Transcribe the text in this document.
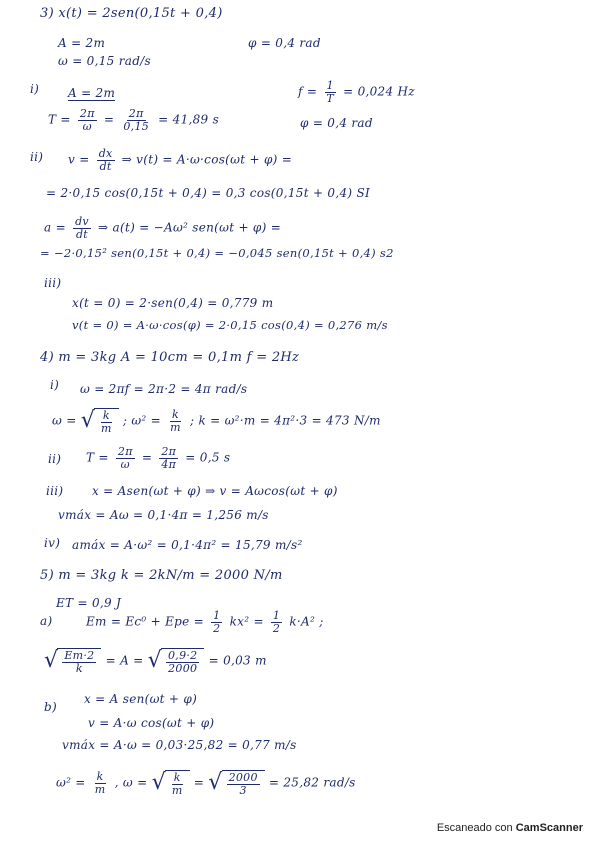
3) x(t) = 2sen(0,15t + 0,4)
A = 2m	φ = 0,4 rad
ω = 0,15 rad/s
i) A = 2m	$f = \frac{1}{T} = 0,024$ Hz
$T = \frac{2\pi}{\omega} = \frac{2\pi}{0,15} = 41,89$ s	φ = 0,4 rad
ii) $v = \frac{dx}{dt}$ ⇒ v(t) = A·ω·cos(ωt + φ) =
= 2·0,15 cos(0,15t + 0,4) = 0,3 cos(0,15t + 0,4) SI
$a = \frac{dv}{dt}$ ⇒ a(t) = −Aω² sen(ωt + φ) =
= −2·0,15² sen(0,15t + 0,4) = −0,045 sen(0,15t + 0,4) s2
iii)
x(t = 0) = 2·sen(0,4) = 0,779 m
v(t = 0) = A·ω·cos(φ) = 2·0,15 cos(0,4) = 0,276 m/s
4) m = 3kg A = 10cm = 0,1m f = 2Hz
i) ω = 2πf = 2π·2 = 4π rad/s
ω = √ $\frac{k}{m}$ ; $\omega^2 = \frac{k}{m}$ ; k = ω²·m = 4π²·3 = 473 N/m
ii) $T = \frac{2\pi}{\omega} = \frac{2\pi}{4\pi} = 0,5$ s
iii) x = Asen(ωt + φ) ⇒ v = Aωcos(ωt + φ)
vmáx = Aω = 0,1·4π = 1,256 m/s
iv) amáx = A·ω² = 0,1·4π² = 15,79 m/s²
5) m = 3kg k = 2kN/m = 2000 N/m
ET = 0,9 J
a)	Em = Ec⁰ + Epe = $\frac{1}{2} kx^2 = \frac{1}{2} k\cdot A^2$ ;
√ $\frac{Em\cdot 2}{k} = A$ = √ $\frac{0,9\cdot 2}{2000} = 0,03$ m
b)
x = A sen(ωt + φ)
v = A·ω cos(ωt + φ)
vmáx = A·ω = 0,03·25,82 = 0,77 m/s
$\omega^2 = \frac{k}{m}$ , ω = √ $\frac{k}{m}$ = √ $\frac{2000}{3} = 25,82$ rad/s
Escaneado con CamScanner
